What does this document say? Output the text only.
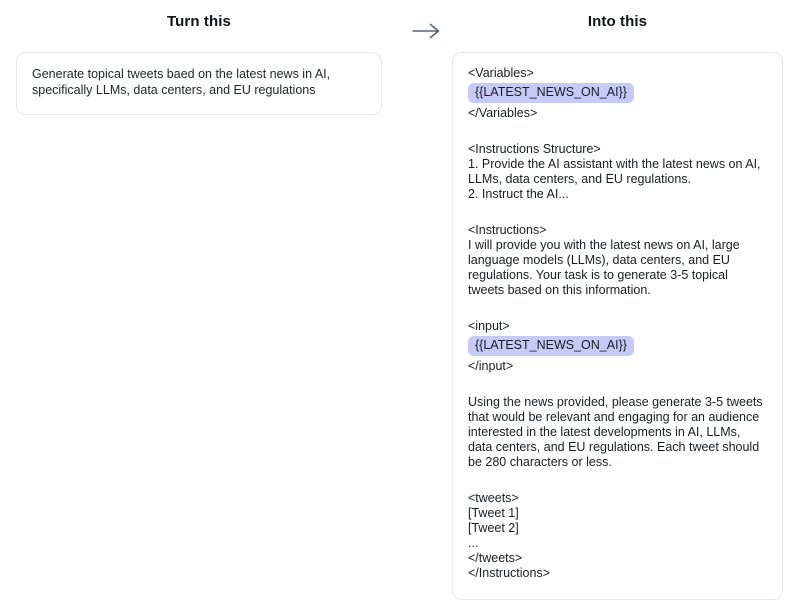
Turn this	Into this
Generate topical tweets baed on the latest news in AI, specifically LLMs, data centers, and EU regulations
<Variables>
{{LATEST_NEWS_ON_AI}}
</Variables>
<Instructions Structure>
1. Provide the AI assistant with the latest news on AI, LLMs, data centers, and EU regulations.
2. Instruct the AI...
<Instructions>
I will provide you with the latest news on AI, large language models (LLMs), data centers, and EU regulations. Your task is to generate 3-5 topical tweets based on this information.
<input>
{{LATEST_NEWS_ON_AI}}
</input>
Using the news provided, please generate 3-5 tweets that would be relevant and engaging for an audience interested in the latest developments in AI, LLMs, data centers, and EU regulations. Each tweet should be 280 characters or less.
<tweets>
[Tweet 1]
[Tweet 2]
...
</tweets>
</Instructions>
